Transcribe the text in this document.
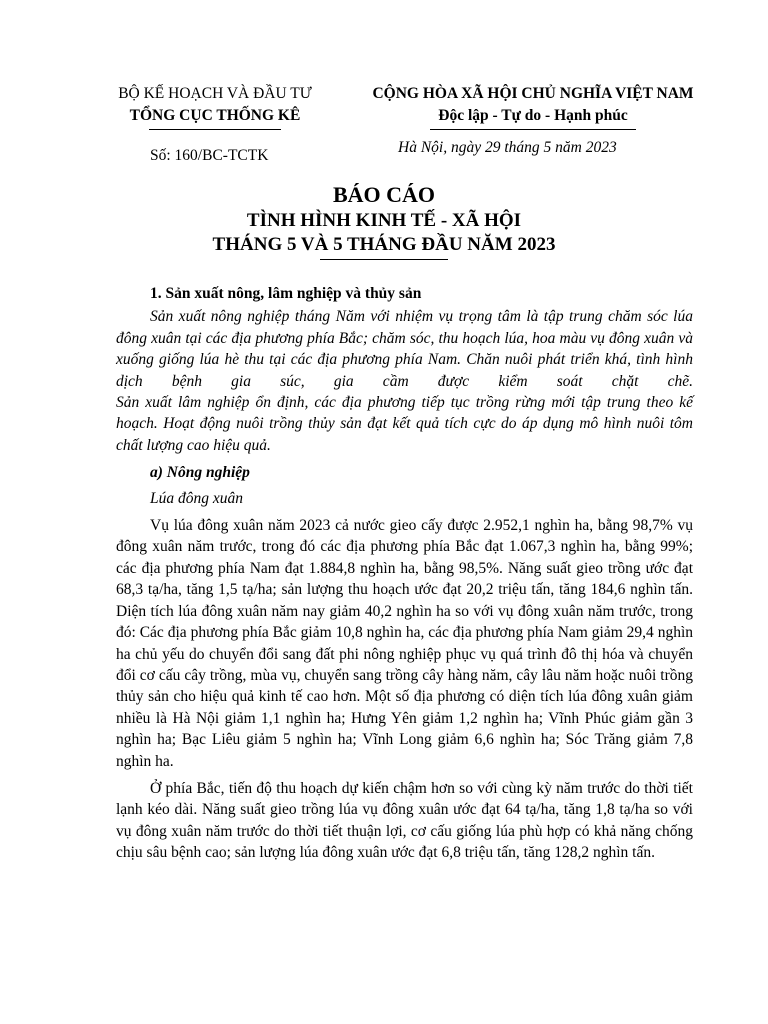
BỘ KẾ HOẠCH VÀ ĐẦU TƯ
TỔNG CỤC THỐNG KÊ
CỘNG HÒA XÃ HỘI CHỦ NGHĨA VIỆT NAM
Độc lập - Tự do - Hạnh phúc
Số: 160/BC-TCTK	Hà Nội, ngày 29 tháng 5 năm 2023
BÁO CÁO
TÌNH HÌNH KINH TẾ - XÃ HỘI
THÁNG 5 VÀ 5 THÁNG ĐẦU NĂM 2023

1. Sản xuất nông, lâm nghiệp và thủy sản

Sản xuất nông nghiệp tháng Năm với nhiệm vụ trọng tâm là tập trung chăm sóc lúa đông xuân tại các địa phương phía Bắc; chăm sóc, thu hoạch lúa, hoa màu vụ đông xuân và xuống giống lúa hè thu tại các địa phương phía Nam. Chăn nuôi phát triển khá, tình hình dịch bệnh gia súc, gia cầm được kiểm soát chặt chẽ.

Sản xuất lâm nghiệp ổn định, các địa phương tiếp tục trồng rừng mới tập trung theo kế hoạch. Hoạt động nuôi trồng thủy sản đạt kết quả tích cực do áp dụng mô hình nuôi tôm chất lượng cao hiệu quả.

a) Nông nghiệp

Lúa đông xuân

Vụ lúa đông xuân năm 2023 cả nước gieo cấy được 2.952,1 nghìn ha, bằng 98,7% vụ đông xuân năm trước, trong đó các địa phương phía Bắc đạt 1.067,3 nghìn ha, bằng 99%; các địa phương phía Nam đạt 1.884,8 nghìn ha, bằng 98,5%. Năng suất gieo trồng ước đạt 68,3 tạ/ha, tăng 1,5 tạ/ha; sản lượng thu hoạch ước đạt 20,2 triệu tấn, tăng 184,6 nghìn tấn. Diện tích lúa đông xuân năm nay giảm 40,2 nghìn ha so với vụ đông xuân năm trước, trong đó: Các địa phương phía Bắc giảm 10,8 nghìn ha, các địa phương phía Nam giảm 29,4 nghìn ha chủ yếu do chuyển đổi sang đất phi nông nghiệp phục vụ quá trình đô thị hóa và chuyển đổi cơ cấu cây trồng, mùa vụ, chuyển sang trồng cây hàng năm, cây lâu năm hoặc nuôi trồng thủy sản cho hiệu quả kinh tế cao hơn. Một số địa phương có diện tích lúa đông xuân giảm nhiều là Hà Nội giảm 1,1 nghìn ha; Hưng Yên giảm 1,2 nghìn ha; Vĩnh Phúc giảm gần 3 nghìn ha; Bạc Liêu giảm 5 nghìn ha; Vĩnh Long giảm 6,6 nghìn ha; Sóc Trăng giảm 7,8 nghìn ha.

Ở phía Bắc, tiến độ thu hoạch dự kiến chậm hơn so với cùng kỳ năm trước do thời tiết lạnh kéo dài. Năng suất gieo trồng lúa vụ đông xuân ước đạt 64 tạ/ha, tăng 1,8 tạ/ha so với vụ đông xuân năm trước do thời tiết thuận lợi, cơ cấu giống lúa phù hợp có khả năng chống chịu sâu bệnh cao; sản lượng lúa đông xuân ước đạt 6,8 triệu tấn, tăng 128,2 nghìn tấn.
